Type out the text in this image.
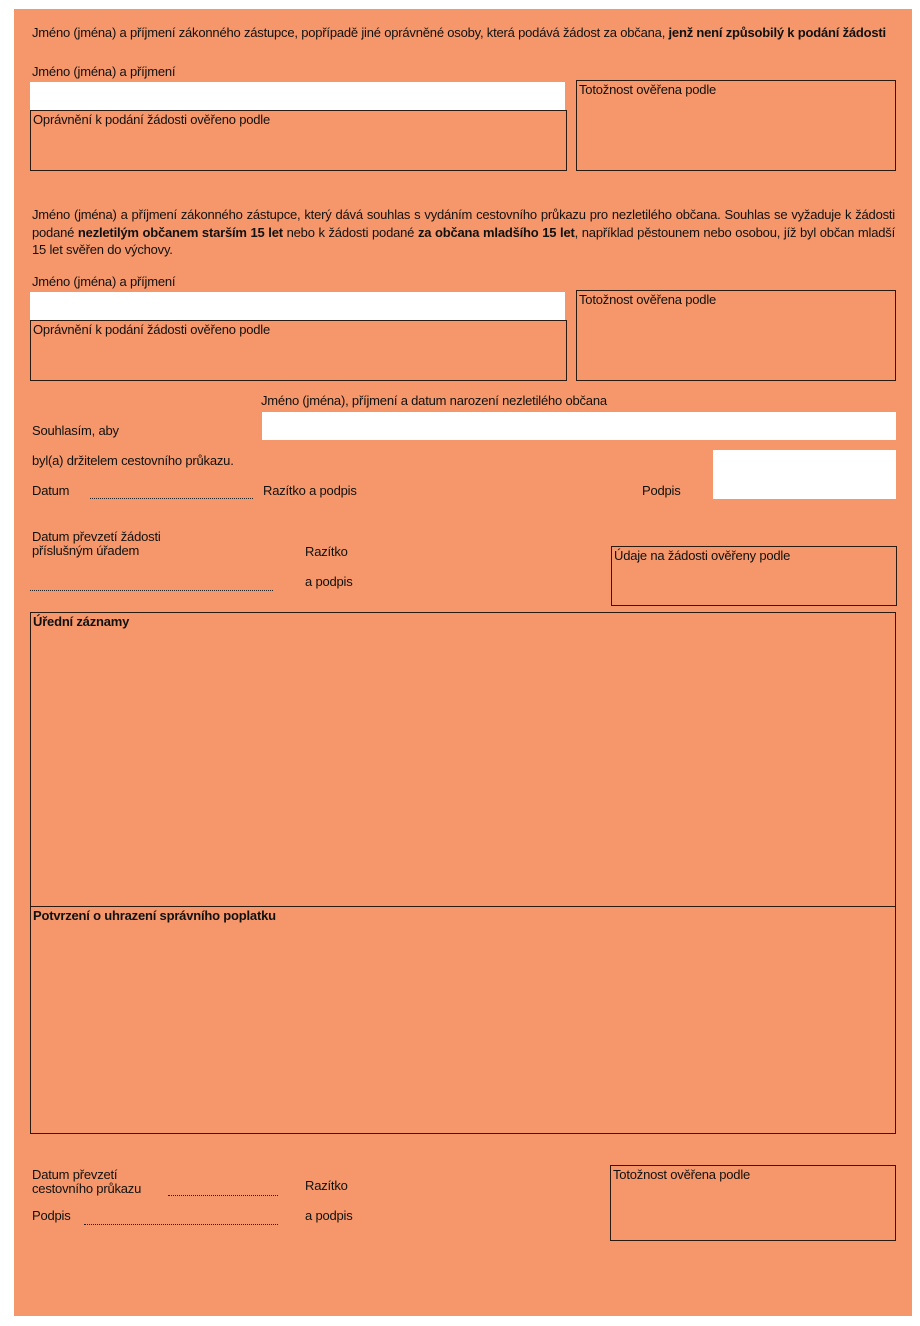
Jméno (jména) a příjmení zákonného zástupce, popřípadě jiné oprávněné osoby, která podává žádost za občana, jenž není způsobilý k podání žádosti
Jméno (jména) a příjmení
Oprávnění k podání žádosti ověřeno podle
Totožnost ověřena podle
Jméno (jména) a příjmení zákonného zástupce, který dává souhlas s vydáním cestovního průkazu pro nezletilého občana. Souhlas se vyžaduje k žádosti podané nezletilým občanem starším 15 let nebo k žádosti podané za občana mladšího 15 let, například pěstounem nebo osobou, jíž byl občan mladší 15 let svěřen do výchovy.
Jméno (jména) a příjmení
Oprávnění k podání žádosti ověřeno podle
Totožnost ověřena podle
Jméno (jména), příjmení a datum narození nezletilého občana
Souhlasím, aby
byl(a) držitelem cestovního průkazu.
Datum	Razítko a podpis	Podpis
Datum převzetí žádosti
příslušným úřadem	Razítko
a podpis
Údaje na žádosti ověřeny podle
Úřední záznamy
Potvrzení o uhrazení správního poplatku
Datum převzetí
cestovního průkazu
Podpis
Razítko
a podpis
Totožnost ověřena podle
